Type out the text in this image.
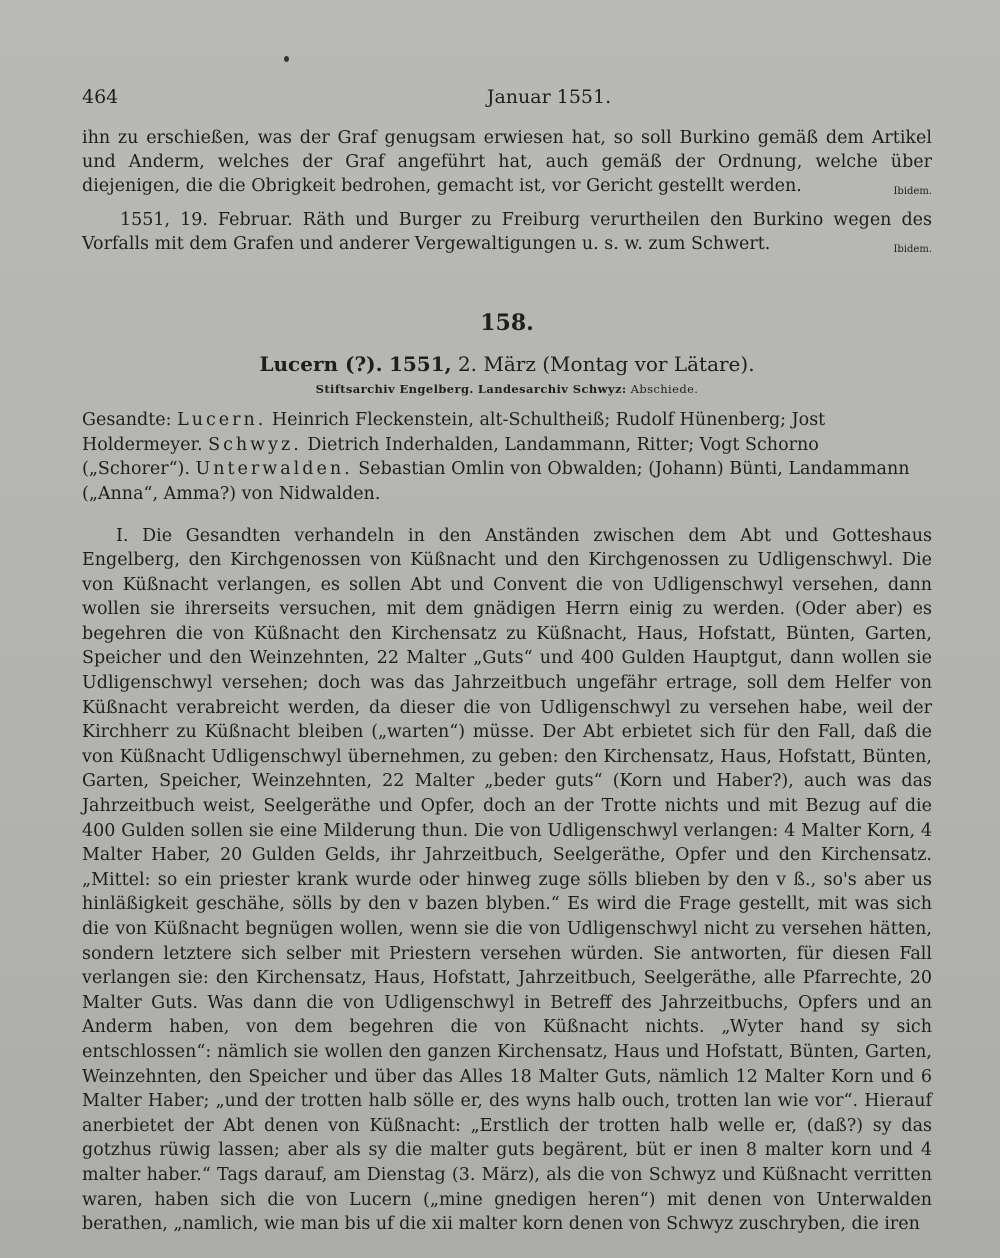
464	Januar 1551.

ihn zu erschießen, was der Graf genugsam erwiesen hat, so soll Burkino gemäß dem Artikel und Anderm, welches der Graf angeführt hat, auch gemäß der Ordnung, welche über diejenigen, die die Obrigkeit bedrohen, gemacht ist, vor Gericht gestellt werden.	Ibidem.

1551, 19. Februar. Räth und Burger zu Freiburg verurtheilen den Burkino wegen des Vorfalls mit dem Grafen und anderer Vergewaltigungen u. s. w. zum Schwert.	Ibidem.

158.
Lucern (?). 1551, 2. März (Montag vor Lätare).
Stiftsarchiv Engelberg. Landesarchiv Schwyz: Abschiede.

Gesandte: Lucern. Heinrich Fleckenstein, alt-Schultheiß; Rudolf Hünenberg; Jost Holdermeyer. Schwyz. Dietrich Inderhalden, Landammann, Ritter; Vogt Schorno („Schorer“). Unterwalden. Sebastian Omlin von Obwalden; (Johann) Bünti, Landammann („Anna“, Amma?) von Nidwalden.

I. Die Gesandten verhandeln in den Anständen zwischen dem Abt und Gotteshaus Engelberg, den Kirchgenossen von Küßnacht und den Kirchgenossen zu Udligenschwyl. Die von Küßnacht verlangen, es sollen Abt und Convent die von Udligenschwyl versehen, dann wollen sie ihrerseits versuchen, mit dem gnädigen Herrn einig zu werden. (Oder aber) es begehren die von Küßnacht den Kirchensatz zu Küßnacht, Haus, Hofstatt, Bünten, Garten, Speicher und den Weinzehnten, 22 Malter „Guts“ und 400 Gulden Hauptgut, dann wollen sie Udligenschwyl versehen; doch was das Jahrzeitbuch ungefähr ertrage, soll dem Helfer von Küßnacht verabreicht werden, da dieser die von Udligenschwyl zu versehen habe, weil der Kirchherr zu Küßnacht bleiben („warten“) müsse. Der Abt erbietet sich für den Fall, daß die von Küßnacht Udligenschwyl übernehmen, zu geben: den Kirchensatz, Haus, Hofstatt, Bünten, Garten, Speicher, Weinzehnten, 22 Malter „beder guts“ (Korn und Haber?), auch was das Jahrzeitbuch weist, Seelgeräthe und Opfer, doch an der Trotte nichts und mit Bezug auf die 400 Gulden sollen sie eine Milderung thun. Die von Udligenschwyl verlangen: 4 Malter Korn, 4 Malter Haber, 20 Gulden Gelds, ihr Jahrzeitbuch, Seelgeräthe, Opfer und den Kirchensatz. „Mittel: so ein priester krank wurde oder hinweg zuge sölls blieben by den v ß., so's aber us hinläßigkeit geschähe, sölls by den v bazen blyben.“ Es wird die Frage gestellt, mit was sich die von Küßnacht begnügen wollen, wenn sie die von Udligenschwyl nicht zu versehen hätten, sondern letztere sich selber mit Priestern versehen würden. Sie antworten, für diesen Fall verlangen sie: den Kirchensatz, Haus, Hofstatt, Jahrzeitbuch, Seelgeräthe, alle Pfarrechte, 20 Malter Guts. Was dann die von Udligenschwyl in Betreff des Jahrzeitbuchs, Opfers und an Anderm haben, von dem begehren die von Küßnacht nichts. „Wyter hand sy sich entschlossen“: nämlich sie wollen den ganzen Kirchensatz, Haus und Hofstatt, Bünten, Garten, Weinzehnten, den Speicher und über das Alles 18 Malter Guts, nämlich 12 Malter Korn und 6 Malter Haber; „und der trotten halb sölle er, des wyns halb ouch, trotten lan wie vor“. Hierauf anerbietet der Abt denen von Küßnacht: „Erstlich der trotten halb welle er, (daß?) sy das gotzhus rüwig lassen; aber als sy die malter guts begärent, büt er inen 8 malter korn und 4 malter haber.“ Tags darauf, am Dienstag (3. März), als die von Schwyz und Küßnacht verritten waren, haben sich die von Lucern („mine gnedigen heren“) mit denen von Unterwalden berathen, „namlich, wie man bis uf die xii malter korn denen von Schwyz zuschryben, die iren
